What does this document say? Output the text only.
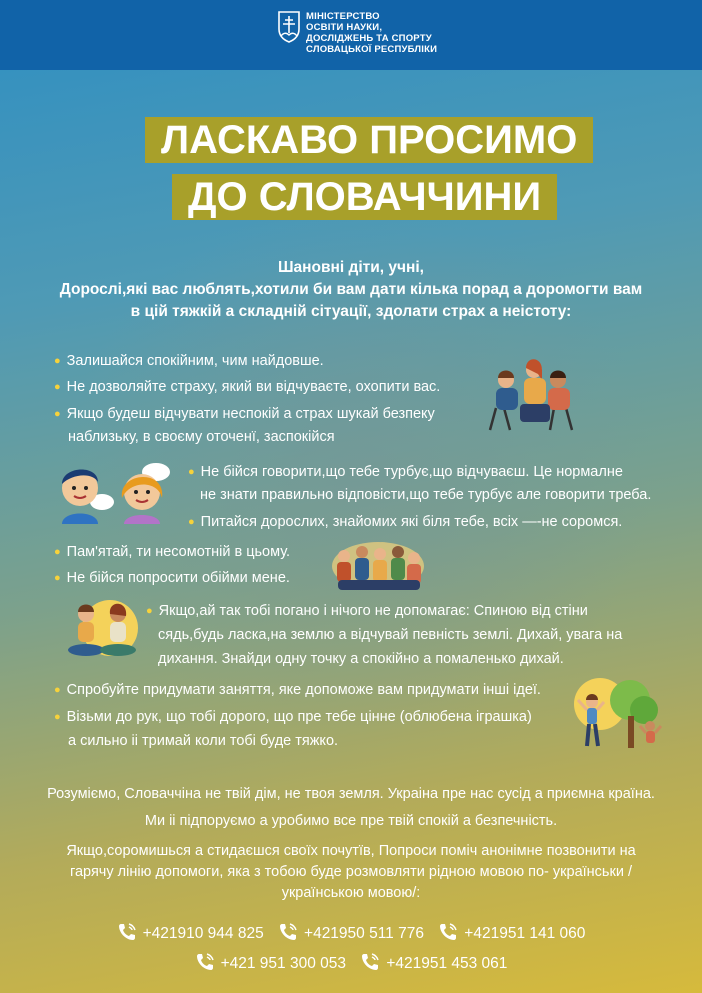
МІНІСТЕРСТВО
ОСВІТИ НАУКИ,
ДОСЛІДЖЕНЬ ТА СПОРТУ
СЛОВАЦЬКОЇ РЕСПУБЛІКИ
ЛАСКАВО ПРОСИМО
ДО СЛОВАЧЧИНИ
Шановні діти, учні,
Дорослі,які вас люблять,хотили би вам дати кілька порад а доромогти вам
в цій тяжкій а складній сітуації, здолати страх а неістоту:
● Залишайся спокійним, чим найдовше.
● Не дозволяйте страху, який ви відчуваєте, охопити вас.
● Якщо будеш відчувати неспокій а страх шукай безпеку
наблизьку, в своєму оточенї, заспокійся
● Не бійся говорити,що тебе турбує,що відчуваєш. Це нормалне
не знати правильно відповісти,що тебе турбує але говорити треба.
● Питайся дорослих, знайомих які біля тебе, всіх —-не соромся.
● Пам'ятай, ти несомотній в цьому.
● Не бійся попросити обійми мене.
● Якщо,ай так тобі погано і нічого не допомагає: Спиною від стіни
сядь,будь ласка,на землю а відчувай певність землі. Дихай, увага на
дихання. Знайди одну точку а спокійно а помаленько дихай.
● Спробуйте придумати заняття, яке допоможе вам придумати інші ідеї.
● Візьми до рук, що тобі дорого, що пре тебе цінне (облюбена іграшка)
а сильно іі тримай коли тобі буде тяжко.
Розуміємо, Словаччіна не твій дім, не твоя земля. Украіна пре нас сусід а приємна країна.
Ми іі підпоруємо а уробимо все пре твій спокій а безпечність.
Якщо,соромишься а стидаєшся своїх почутїв, Попроси поміч анонімне позвонити на
гарячу лінію допомоги, яка з тобою буде розмовляти рідною мовою по- українськи /
українською мовою/:
+421910 944 825	+421950 511 776	+421951 141 060
+421 951 300 053	+421951 453 061
